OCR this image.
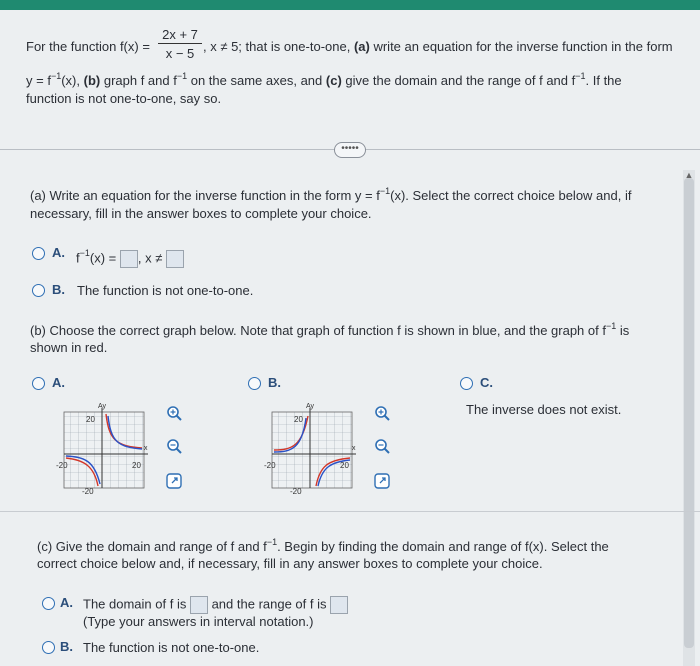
For the function f(x) =
2x + 7
x − 5 , x ≠ 5; that is one-to-one, (a) write an equation for the inverse function in the form
$y = f^{-1}(x)$, (b) graph f and $f^{-1}$ on the same axes, and (c) give the domain and the range of f and $f^{-1}$. If the
function is not one-to-one, say so.
•••••
▲
(a) Write an equation for the inverse function in the form $y = f^{-1}(x)$. Select the correct choice below and, if
necessary, fill in the answer boxes to complete your choice.
A. $f^{-1}(x)$ = , x ≠
B. The function is not one-to-one.
(b) Choose the correct graph below. Note that graph of function f is shown in blue, and the graph of $f^{-1}$ is
shown in red.
A.	B.	C.
The inverse does not exist.
Ay
x
20
-20	20
-20
Ay
x
20
-20	20
-20
(c) Give the domain and range of f and $f^{-1}$. Begin by finding the domain and range of f(x). Select the
correct choice below and, if necessary, fill in any answer boxes to complete your choice.
A. The domain of f is and the range of f is
(Type your answers in interval notation.)
B. The function is not one-to-one.
